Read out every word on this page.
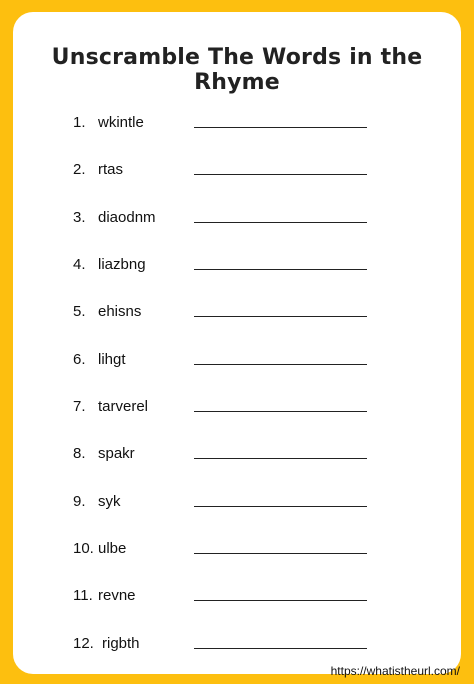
Unscramble The Words in the Rhyme
1. wkintle
2. rtas
3. diaodnm
4. liazbng
5. ehisns
6. lihgt
7. tarverel
8. spakr
9. syk
10. ulbe
11. revne
12. rigbth
https://whatistheurl.com/
